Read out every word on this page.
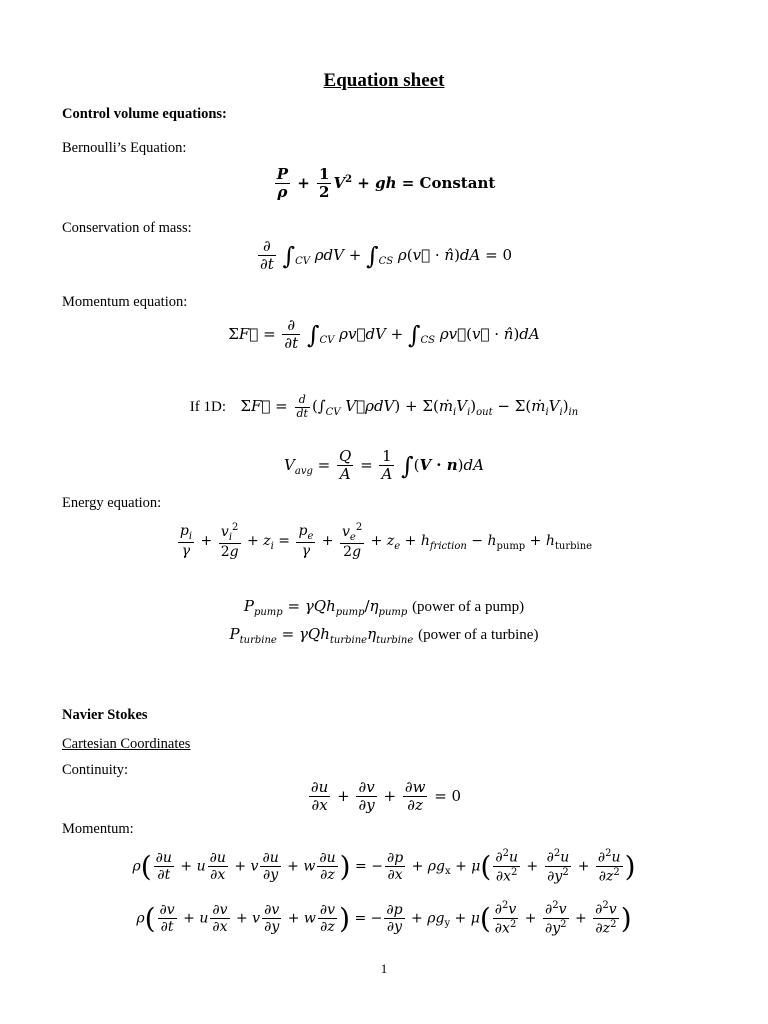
Equation sheet
Control volume equations:
Bernoulli’s Equation:
$\frac{P}{\rho} + \frac{1}{2} V^2$ + gh = Constant
Conservation of mass:
$\frac{\partial}{\partial t} \int_{CV}$ $\rho dV + \int_{CS}$ ρ(v⃗ · n̂)dA = 0
Momentum equation:
ΣF⃗ = $\frac{\partial}{\partial t} \int_{CV}$ ρv⃗dV + $\int_{CS}$ ρv⃗(v⃗ · n̂)dA
If 1D:   ΣF⃗ = $\frac{d}{dt} (\int_{CV}$ V⃗ρdV) + $\Sigma(ṁ_iV_i)_{out}$ − $\Sigma(ṁ_iV_i)_{in}$
$V_{avg} = \frac{Q}{A} = \frac{1}{A} \int(V \cdot n)dA$
Energy equation:
$\frac{p_i}{\gamma} + \frac{v_i^2}{2g} + z_i = \frac{p_e}{\gamma} + \frac{v_e^2}{2g} + z_e + h_{friction} - h_{pump} + h_{turbine}$
$P_{pump} = \gamma Qh_{pump}/\eta_{pump}$ (power of a pump)
$P_{turbine} = \gamma Qh_{turbine}\eta_{turbine}$ (power of a turbine)
Navier Stokes
Cartesian Coordinates
Continuity:
$\frac{\partial u}{\partial x} + \frac{\partial v}{\partial y} + \frac{\partial w}{\partial z} = 0$
Momentum:
$\rho( \frac{\partial u}{\partial t} + u \frac{\partial u}{\partial x} + v \frac{\partial u}{\partial y} + w \frac{\partial u}{\partial z}$ ) = − $\frac{\partial p}{\partial x} + \rho g_x + \mu( \frac{\partial^2u}{\partial x^2} + \frac{\partial^2u}{\partial y^2} + \frac{\partial^2u}{\partial z^2}$ )
$\rho( \frac{\partial v}{\partial t} + u \frac{\partial v}{\partial x} + v \frac{\partial v}{\partial y} + w \frac{\partial v}{\partial z}$ ) = − $\frac{\partial p}{\partial y} + \rho g_y + \mu( \frac{\partial^2v}{\partial x^2} + \frac{\partial^2v}{\partial y^2} + \frac{\partial^2v}{\partial z^2}$ )
1
